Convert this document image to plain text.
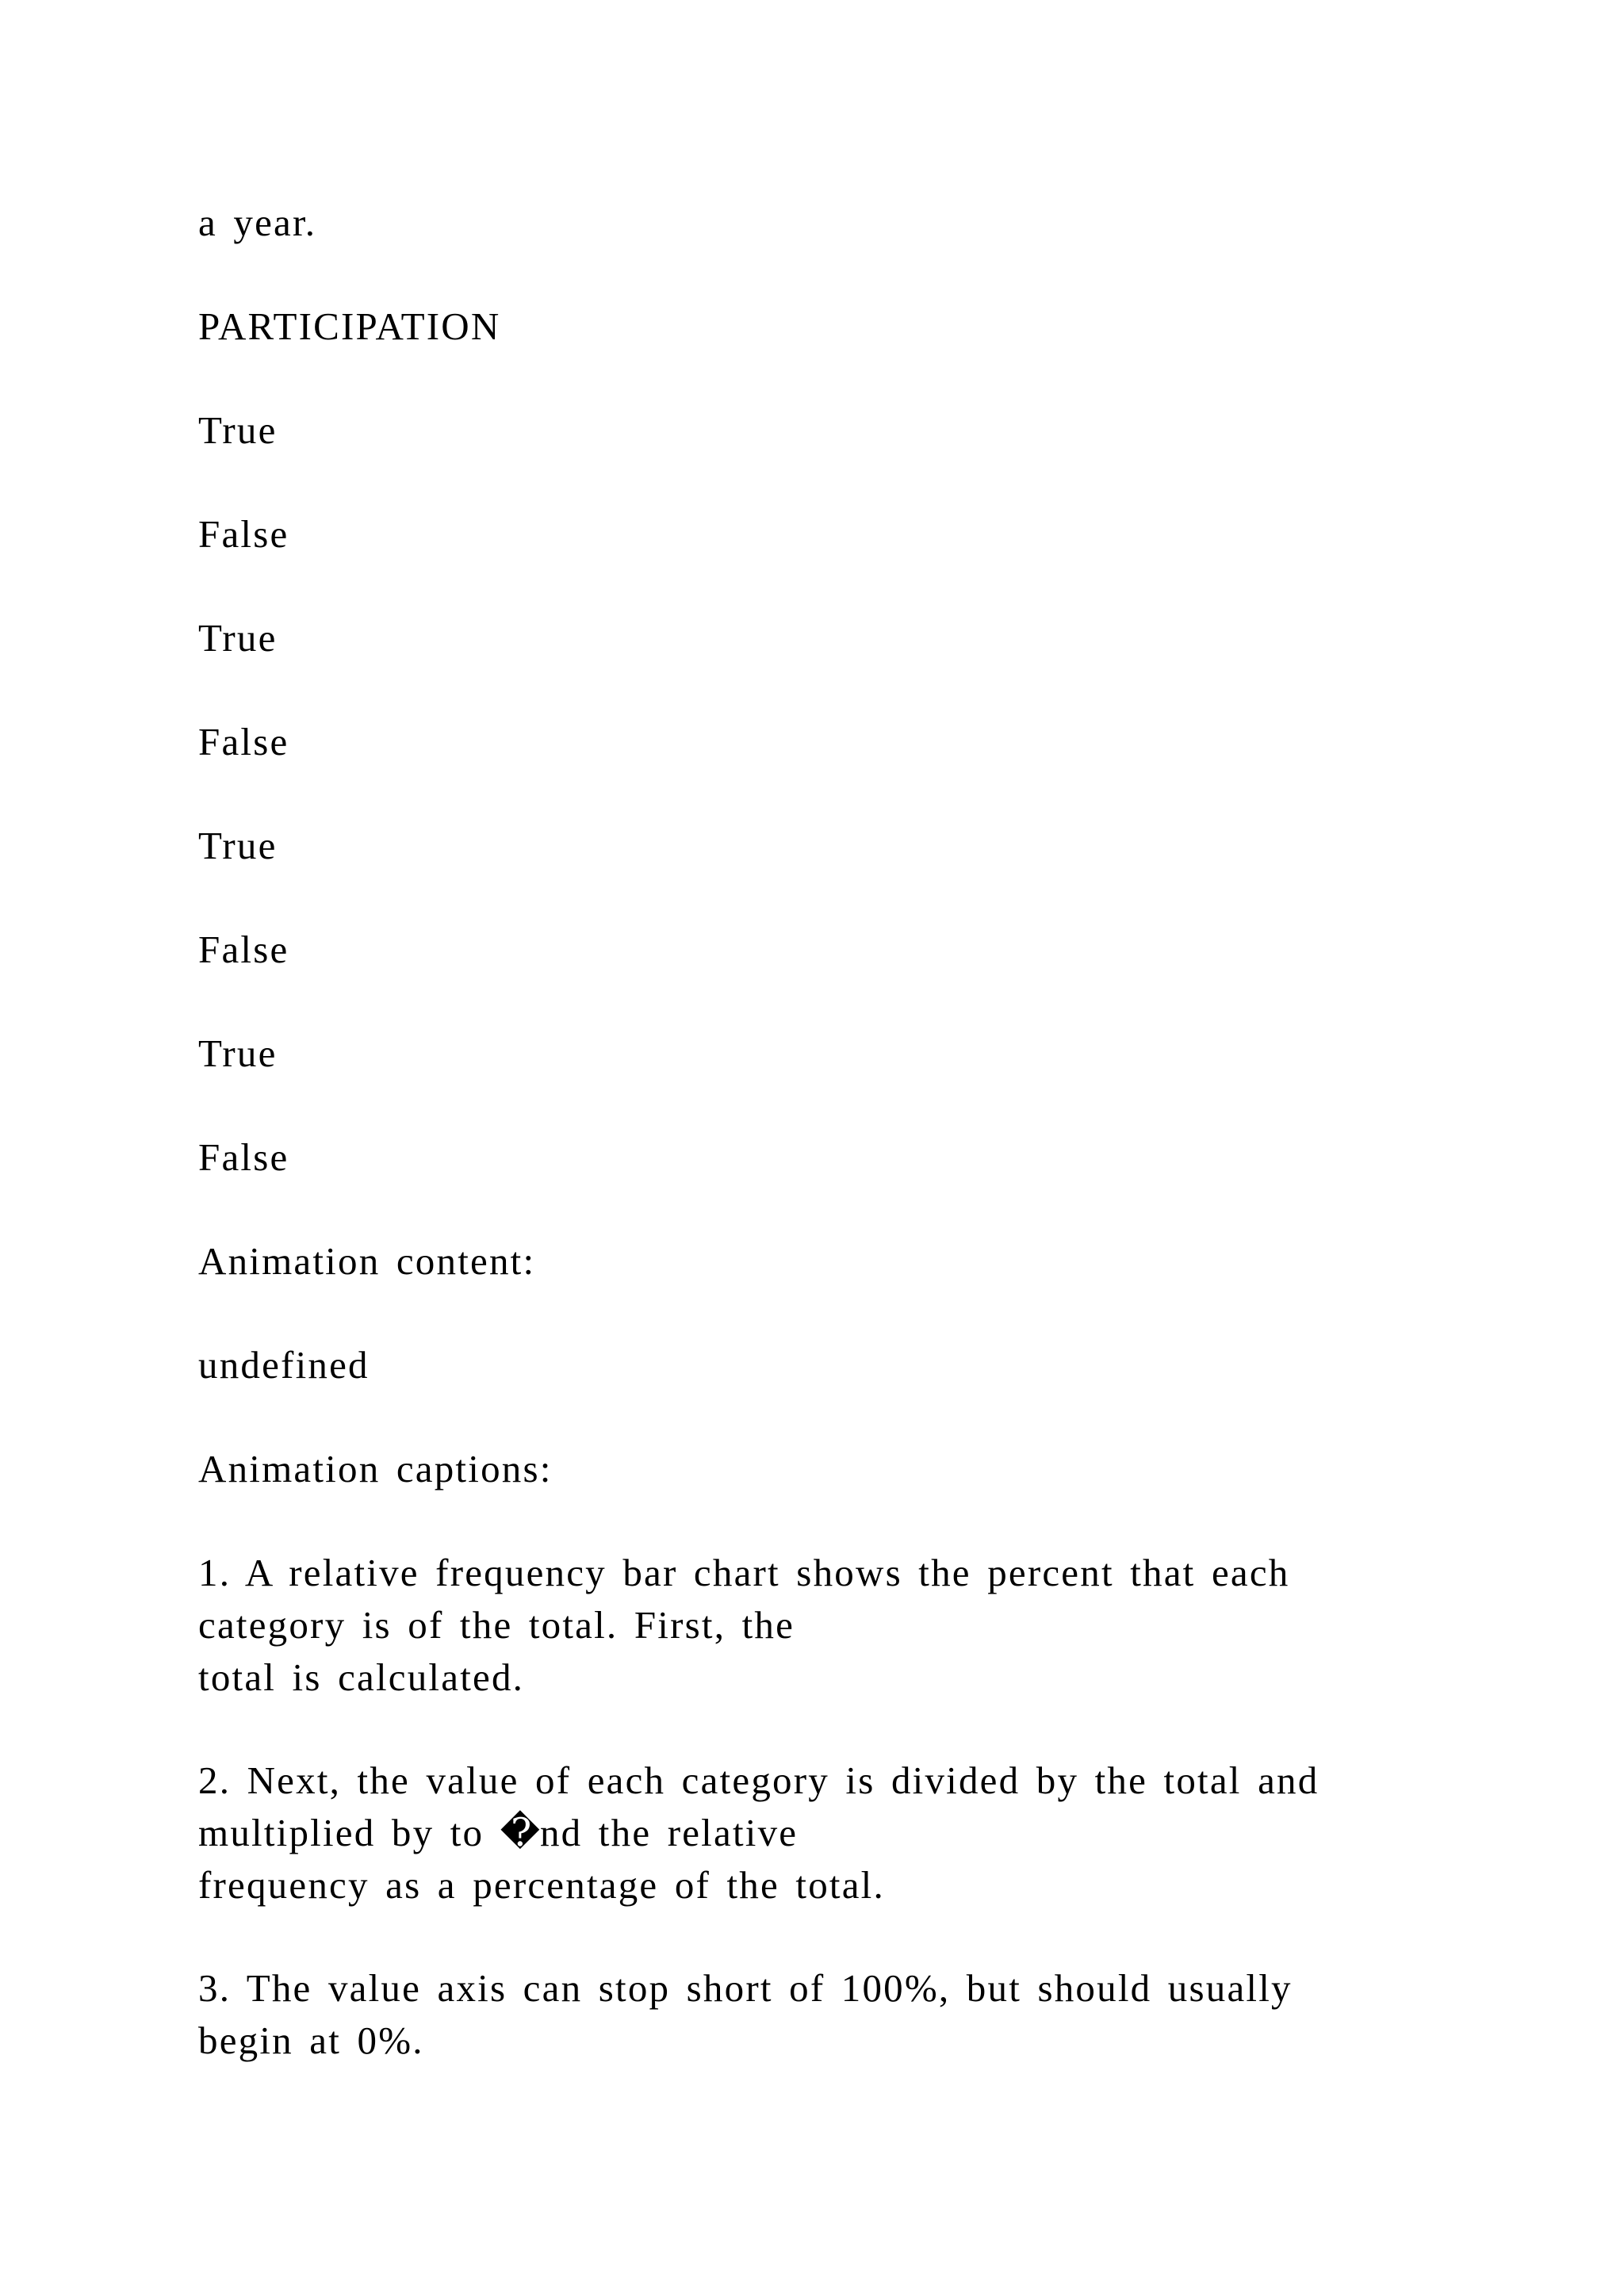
a year.
PARTICIPATION
True
False
True
False
True
False
True
False
Animation content:
undefined
Animation captions:
1. A relative frequency bar chart shows the percent that each
category is of the total. First, the
total is calculated.
2. Next, the value of each category is divided by the total and
multiplied by to �nd the relative
frequency as a percentage of the total.
3. The value axis can stop short of 100%, but should usually
begin at 0%.
